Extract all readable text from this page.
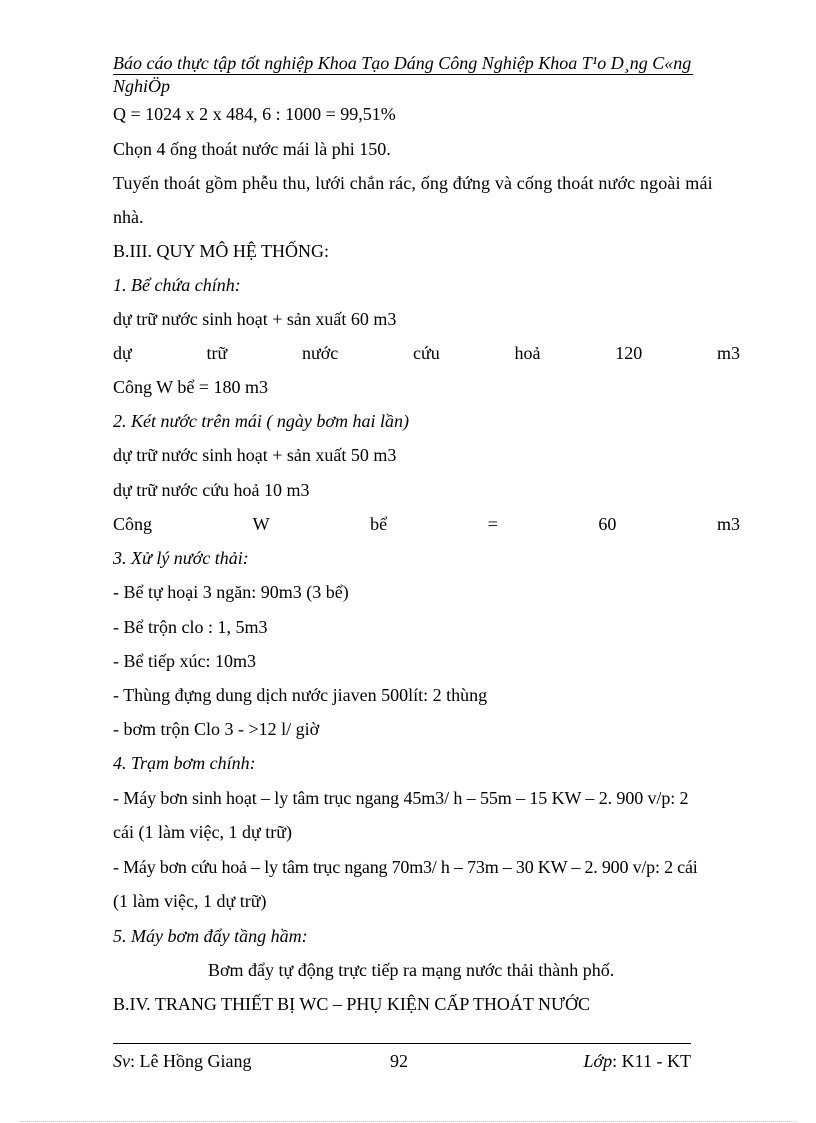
Báo cáo thực tập tốt nghiệp Khoa Tạo Dáng Công Nghiệp Khoa T¹o D¸ng C«ng
NghiÖp
Q = 1024 x 2 x 484, 6 : 1000 = 99,51%
Chọn 4 ống thoát nước mái là phi 150.
Tuyến thoát gồm phễu thu, lưới chắn rác, ống đứng và cống thoát nước ngoài mái
nhà.
B.III. QUY MÔ HỆ THỐNG:
1. Bể chứa chính:
dự trữ nước sinh hoạt + sản xuất 60 m3
dự	trữ	nước	cứu	hoả	120	m3
Công W bể = 180 m3
2. Két nước trên mái ( ngày bơm hai lần)
dự trữ nước sinh hoạt + sản xuất 50 m3
dự trữ nước cứu hoả 10 m3
Công	W	bể	=	60	m3
3. Xử lý nước thải:
- Bể tự hoại 3 ngăn: 90m3 (3 bể)
- Bể trộn clo : 1, 5m3
- Bể tiếp xúc: 10m3
- Thùng đựng dung dịch nước jiaven 500lít: 2 thùng
- bơm trộn Clo 3 - >12 l/ giờ
4. Trạm bơm chính:
- Máy bơn sinh hoạt – ly tâm trục ngang 45m3/ h – 55m – 15 KW – 2. 900 v/p: 2
cái (1 làm việc, 1 dự trữ)
- Máy bơn cứu hoả – ly tâm trục ngang 70m3/ h – 73m – 30 KW – 2. 900 v/p: 2 cái
(1 làm việc, 1 dự trữ)
5. Máy bơm đẩy tầng hầm:
Bơm đẩy tự động trực tiếp ra mạng nước thải thành phố.
B.IV. TRANG THIẾT BỊ WC – PHỤ KIỆN CẤP THOÁT NƯỚC
Sv: Lê Hồng Giang	92	Lớp: K11 - KT
